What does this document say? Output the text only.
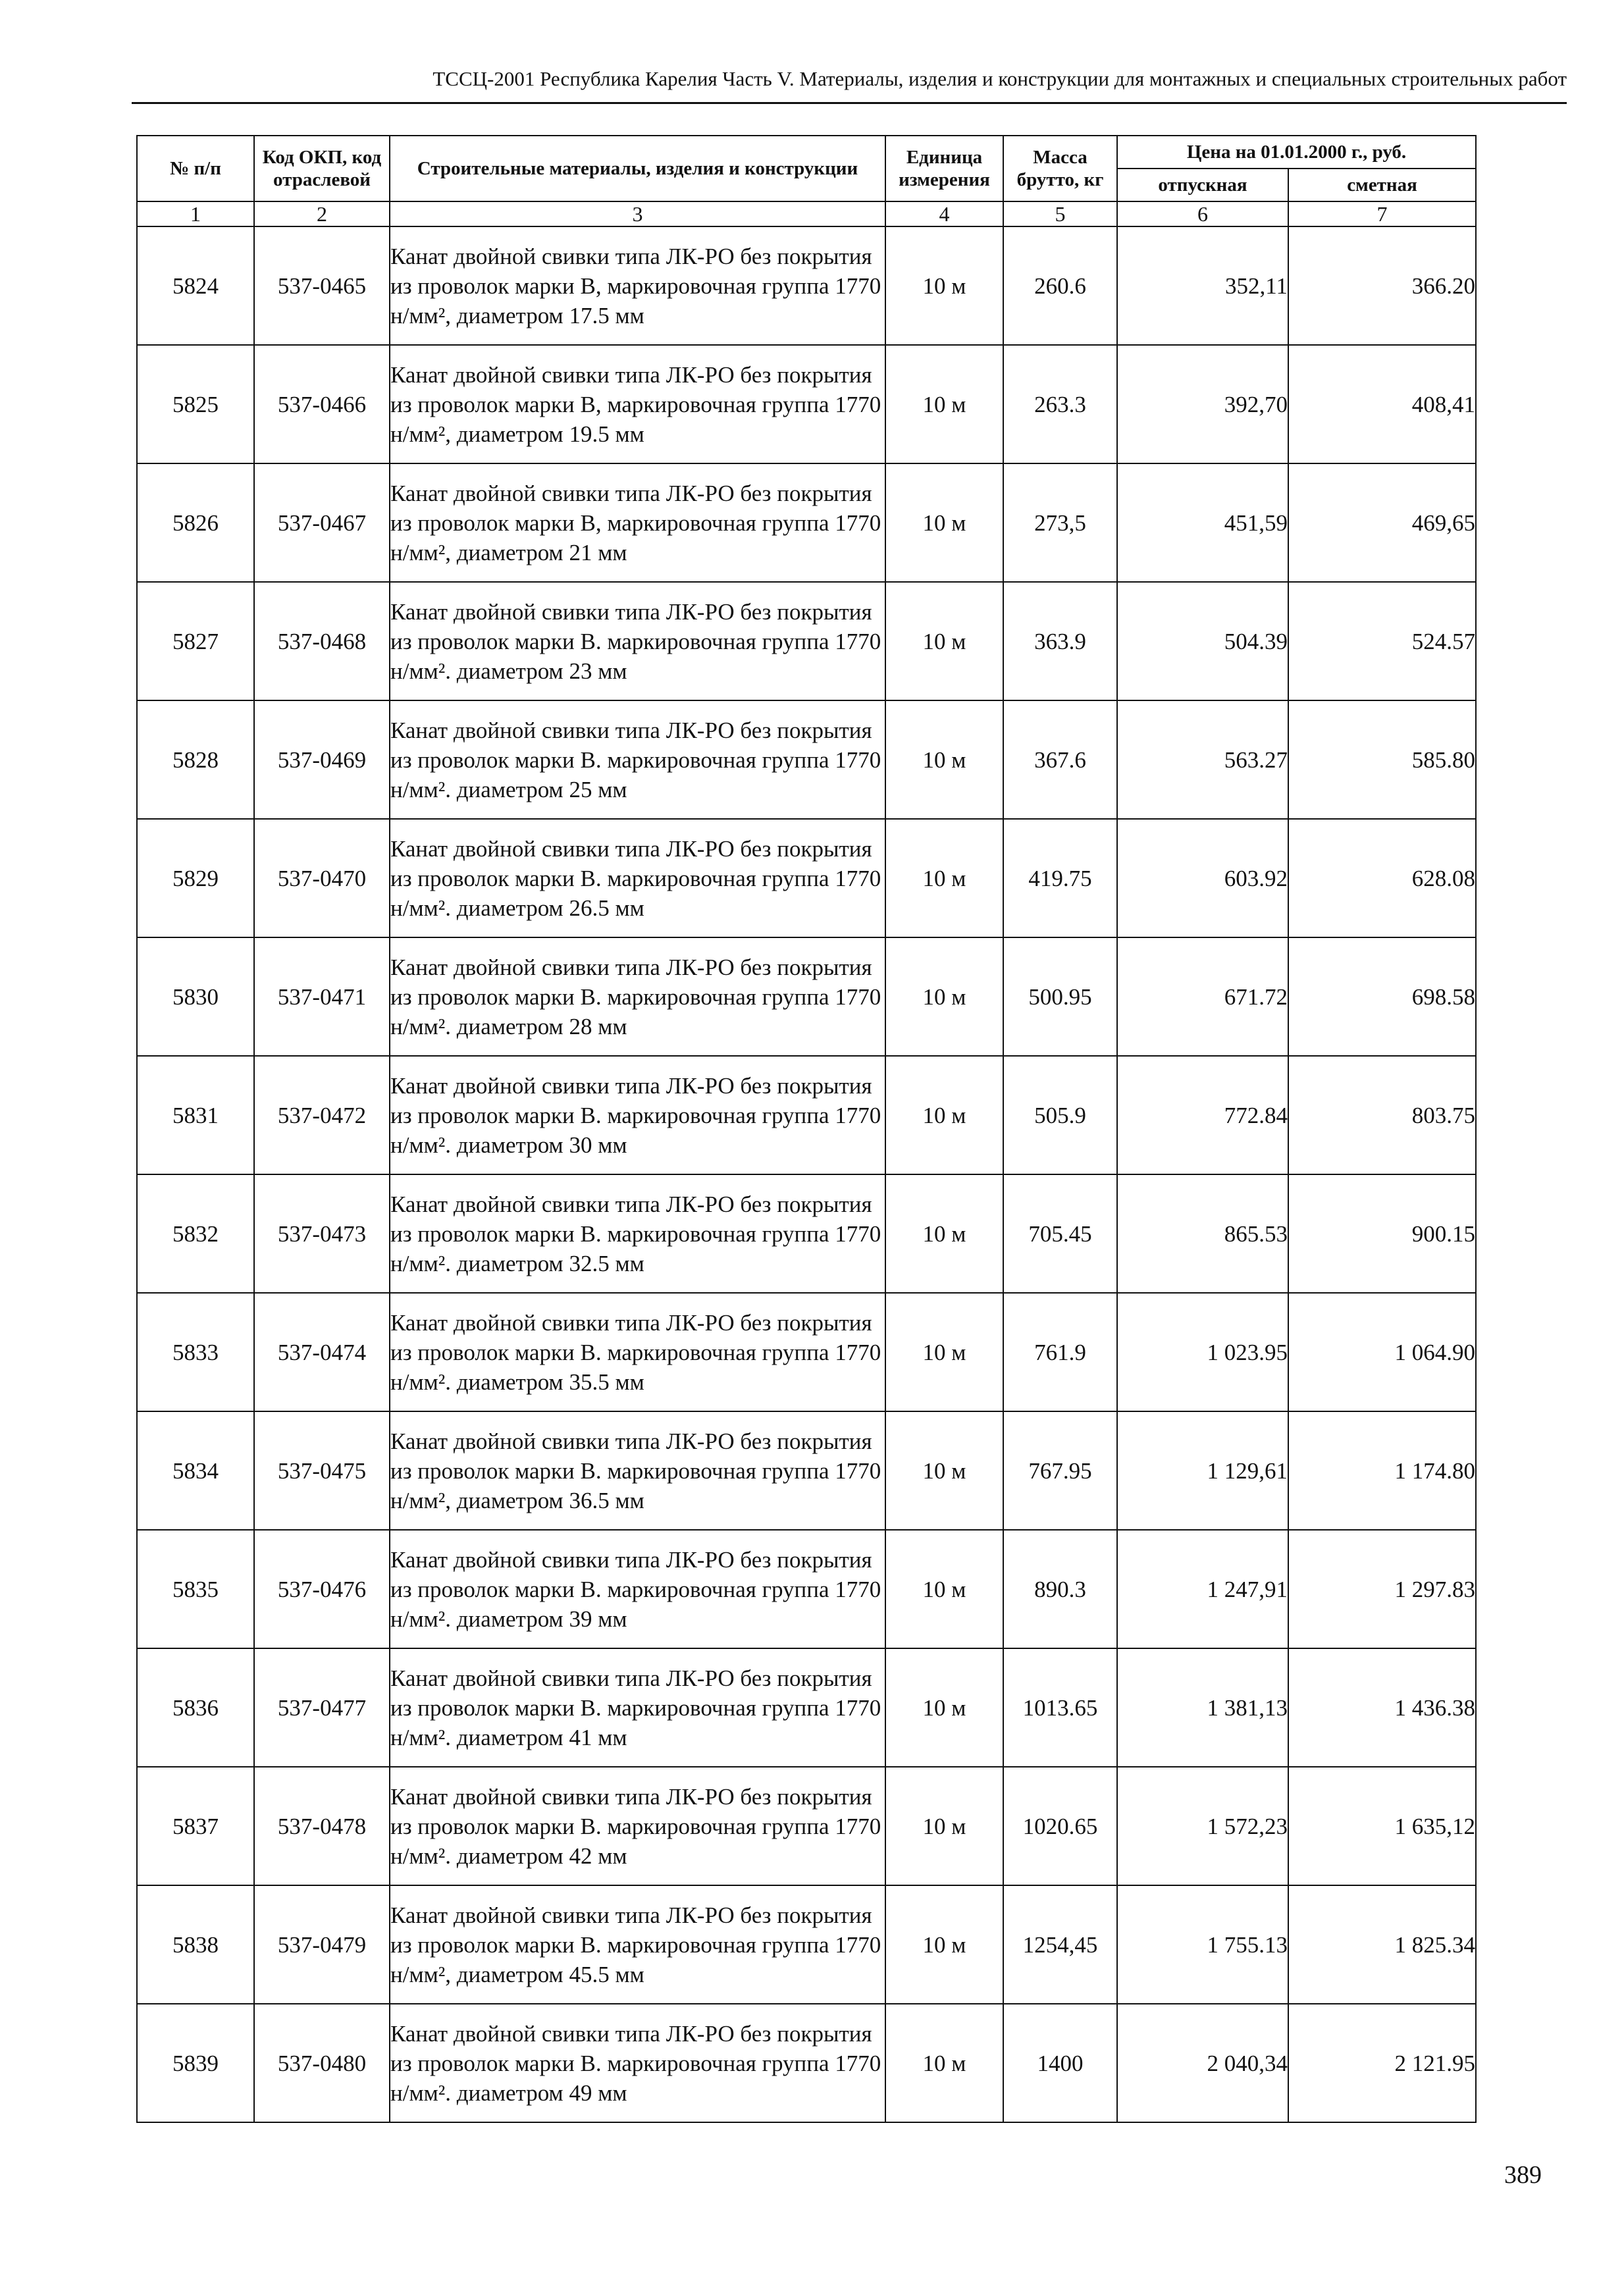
ТССЦ-2001 Республика Карелия Часть V. Материалы, изделия и конструкции для монтажных и специальных строительных работ
№ п/п	Код ОКП, код отраслевой	Строительные материалы, изделия и конструкции	Единица измерения	Масса брутто, кг	Цена на 01.01.2000 г., руб.	
					отпускная	сметная
1	2	3	4	5	6	7
5824	537-0465	Канат двойной свивки типа ЛК-РО без покрытия из проволок марки В, маркировочная группа 1770 н/мм², диаметром 17.5 мм	10 м	260.6	352,11	366.20
5825	537-0466	Канат двойной свивки типа ЛК-РО без покрытия из проволок марки В, маркировочная группа 1770 н/мм², диаметром 19.5 мм	10 м	263.3	392,70	408,41
5826	537-0467	Канат двойной свивки типа ЛК-РО без покрытия из проволок марки В, маркировочная группа 1770 н/мм², диаметром 21 мм	10 м	273,5	451,59	469,65
5827	537-0468	Канат двойной свивки типа ЛК-РО без покрытия из проволок марки В. маркировочная группа 1770 н/мм². диаметром 23 мм	10 м	363.9	504.39	524.57
5828	537-0469	Канат двойной свивки типа ЛК-РО без покрытия из проволок марки В. маркировочная группа 1770 н/мм². диаметром 25 мм	10 м	367.6	563.27	585.80
5829	537-0470	Канат двойной свивки типа ЛК-РО без покрытия из проволок марки В. маркировочная группа 1770 н/мм². диаметром 26.5 мм	10 м	419.75	603.92	628.08
5830	537-0471	Канат двойной свивки типа ЛК-РО без покрытия из проволок марки В. маркировочная группа 1770 н/мм². диаметром 28 мм	10 м	500.95	671.72	698.58
5831	537-0472	Канат двойной свивки типа ЛК-РО без покрытия из проволок марки В. маркировочная группа 1770 н/мм². диаметром 30 мм	10 м	505.9	772.84	803.75
5832	537-0473	Канат двойной свивки типа ЛК-РО без покрытия из проволок марки В. маркировочная группа 1770 н/мм². диаметром 32.5 мм	10 м	705.45	865.53	900.15
5833	537-0474	Канат двойной свивки типа ЛК-РО без покрытия из проволок марки В. маркировочная группа 1770 н/мм². диаметром 35.5 мм	10 м	761.9	1 023.95	1 064.90
5834	537-0475	Канат двойной свивки типа ЛК-РО без покрытия из проволок марки В. маркировочная группа 1770 н/мм², диаметром 36.5 мм	10 м	767.95	1 129,61	1 174.80
5835	537-0476	Канат двойной свивки типа ЛК-РО без покрытия из проволок марки В. маркировочная группа 1770 н/мм². диаметром 39 мм	10 м	890.3	1 247,91	1 297.83
5836	537-0477	Канат двойной свивки типа ЛК-РО без покрытия из проволок марки В. маркировочная группа 1770 н/мм². диаметром 41 мм	10 м	1013.65	1 381,13	1 436.38
5837	537-0478	Канат двойной свивки типа ЛК-РО без покрытия из проволок марки В. маркировочная группа 1770 н/мм². диаметром 42 мм	10 м	1020.65	1 572,23	1 635,12
5838	537-0479	Канат двойной свивки типа ЛК-РО без покрытия из проволок марки В. маркировочная группа 1770 н/мм², диаметром 45.5 мм	10 м	1254,45	1 755.13	1 825.34
5839	537-0480	Канат двойной свивки типа ЛК-РО без покрытия из проволок марки В. маркировочная группа 1770 н/мм². диаметром 49 мм	10 м	1400	2 040,34	2 121.95
389
